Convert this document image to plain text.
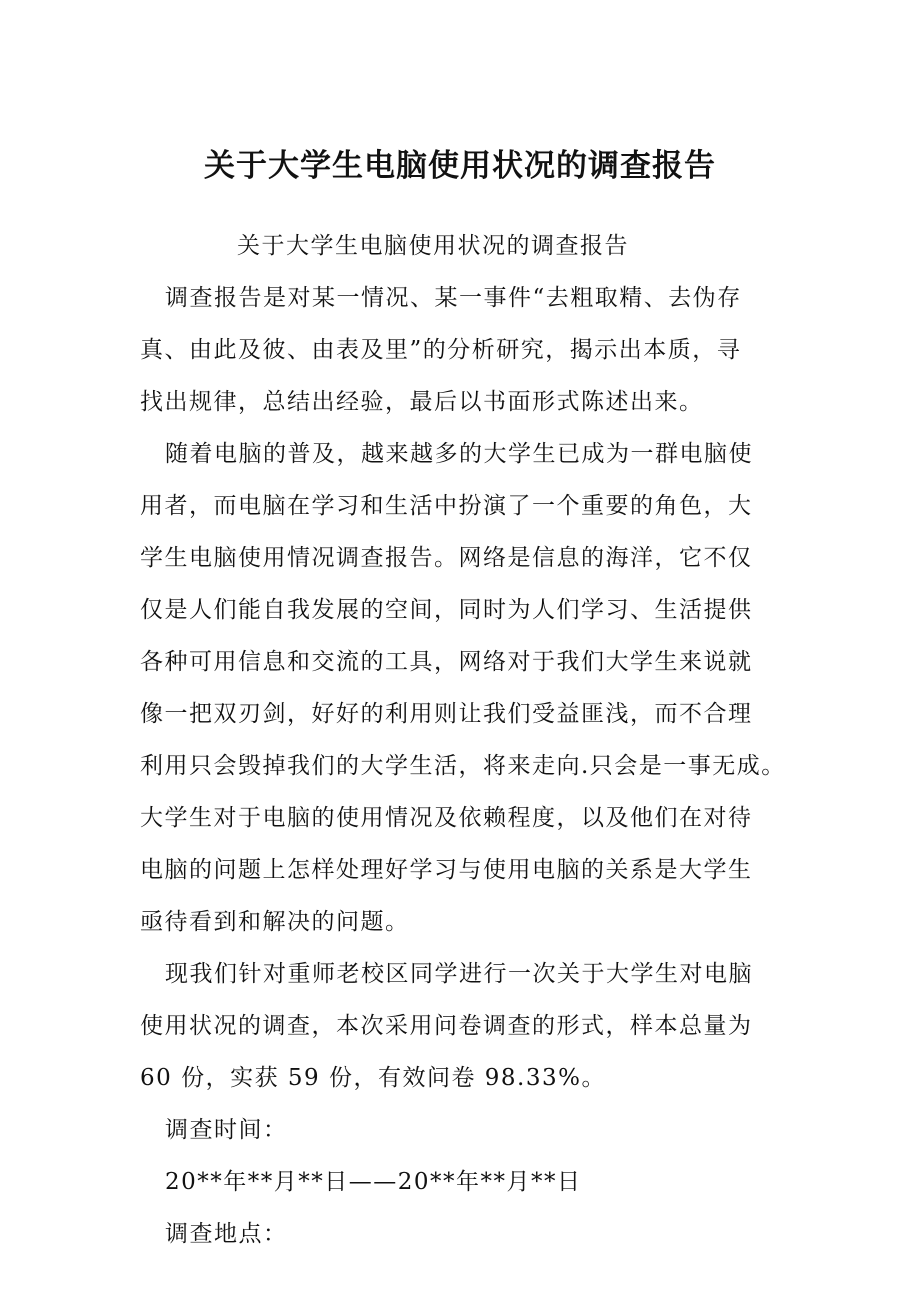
关于大学生电脑使用状况的调查报告
关于大学生电脑使用状况的调查报告
调查报告是对某一情况、某一事件“去粗取精、去伪存
真、由此及彼、由表及里”的分析研究，揭示出本质，寻
找出规律，总结出经验，最后以书面形式陈述出来。
随着电脑的普及，越来越多的大学生已成为一群电脑使
用者，而电脑在学习和生活中扮演了一个重要的角色，大
学生电脑使用情况调查报告。网络是信息的海洋，它不仅
仅是人们能自我发展的空间，同时为人们学习、生活提供
各种可用信息和交流的工具，网络对于我们大学生来说就
像一把双刃剑，好好的利用则让我们受益匪浅，而不合理
利用只会毁掉我们的大学生活，将来走向.只会是一事无成。
大学生对于电脑的使用情况及依赖程度，以及他们在对待
电脑的问题上怎样处理好学习与使用电脑的关系是大学生
亟待看到和解决的问题。
现我们针对重师老校区同学进行一次关于大学生对电脑
使用状况的调查，本次采用问卷调查的形式，样本总量为
60 份，实获 59 份，有效问卷 98.33%。
调查时间：
20**年**月**日——20**年**月**日
调查地点：
